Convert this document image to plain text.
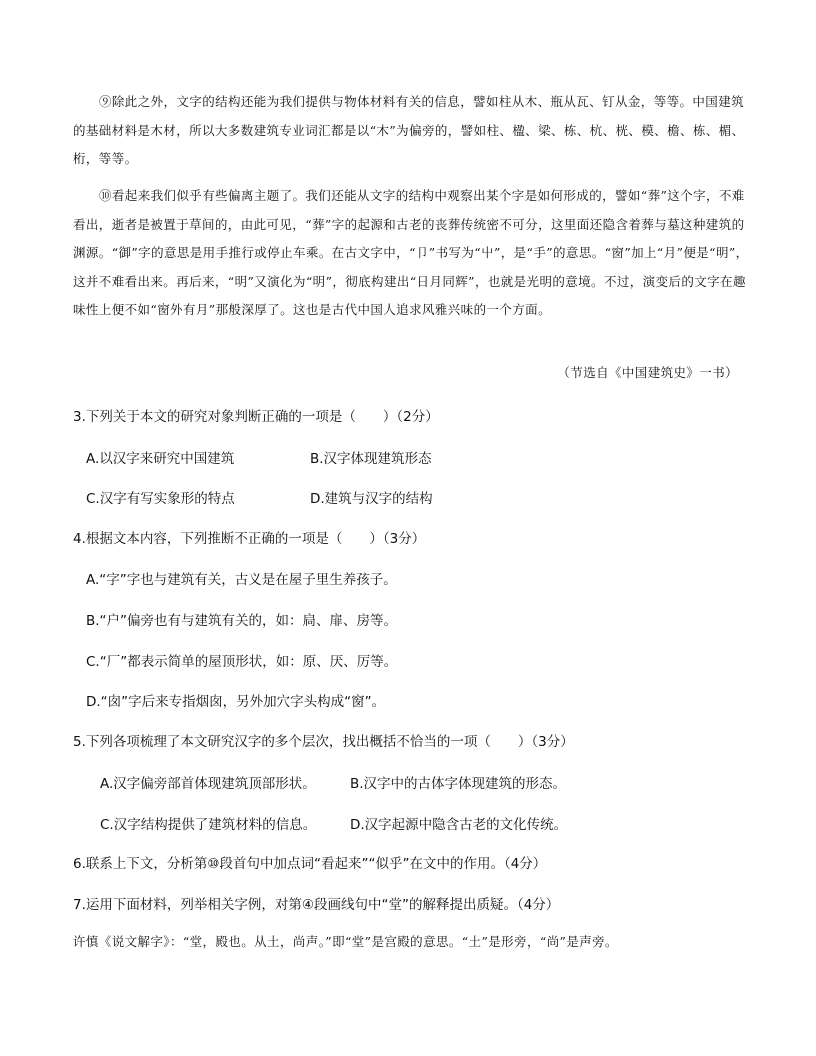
⑨除此之外，文字的结构还能为我们提供与物体材料有关的信息，譬如柱从木、瓶从瓦、钉从金，等等。中国建筑的基础材料是木材，所以大多数建筑专业词汇都是以“木”为偏旁的，譬如柱、楹、梁、栋、杭、桄、模、檐、栋、楣、桁，等等。

⑩看起来我们似乎有些偏离主题了。我们还能从文字的结构中观察出某个字是如何形成的，譬如“葬”这个字，不难看出，逝者是被置于草间的，由此可见，“葬”字的起源和古老的丧葬传统密不可分，这里面还隐含着葬与墓这种建筑的渊源。“御”字的意思是用手推行或停止车乘。在古文字中，“卩”书写为“屮”，是“手”的意思。“窗”加上“月”便是“明”，这并不难看出来。再后来，“明”又演化为“明”，彻底构建出“日月同辉”，也就是光明的意境。不过，演变后的文字在趣味性上便不如“窗外有月”那般深厚了。这也是古代中国人追求风雅兴味的一个方面。

（节选自《中国建筑史》一书）
3.下列关于本文的研究对象判断正确的一项是（　　）（2分）
A.以汉字来研究中国建筑	B.汉字体现建筑形态
C.汉字有写实象形的特点	D.建筑与汉字的结构
4.根据文本内容，下列推断不正确的一项是（　　）（3分）
A.“字”字也与建筑有关，古义是在屋子里生养孩子。
B.“户”偏旁也有与建筑有关的，如：扃、扉、房等。
C.“厂”都表示简单的屋顶形状，如：原、厌、厉等。
D.“囱”字后来专指烟囱，另外加穴字头构成“窗”。
5.下列各项梳理了本文研究汉字的多个层次，找出概括不恰当的一项（　　）（3分）
A.汉字偏旁部首体现建筑顶部形状。	B.汉字中的古体字体现建筑的形态。
C.汉字结构提供了建筑材料的信息。	D.汉字起源中隐含古老的文化传统。
6.联系上下文，分析第⑩段首句中加点词“看起来”“似乎”在文中的作用。（4分）
7.运用下面材料，列举相关字例，对第④段画线句中“堂”的解释提出质疑。（4分）
许慎《说文解字》：“堂，殿也。从土，尚声。”即“堂”是宫殿的意思。“土”是形旁，“尚”是声旁。
